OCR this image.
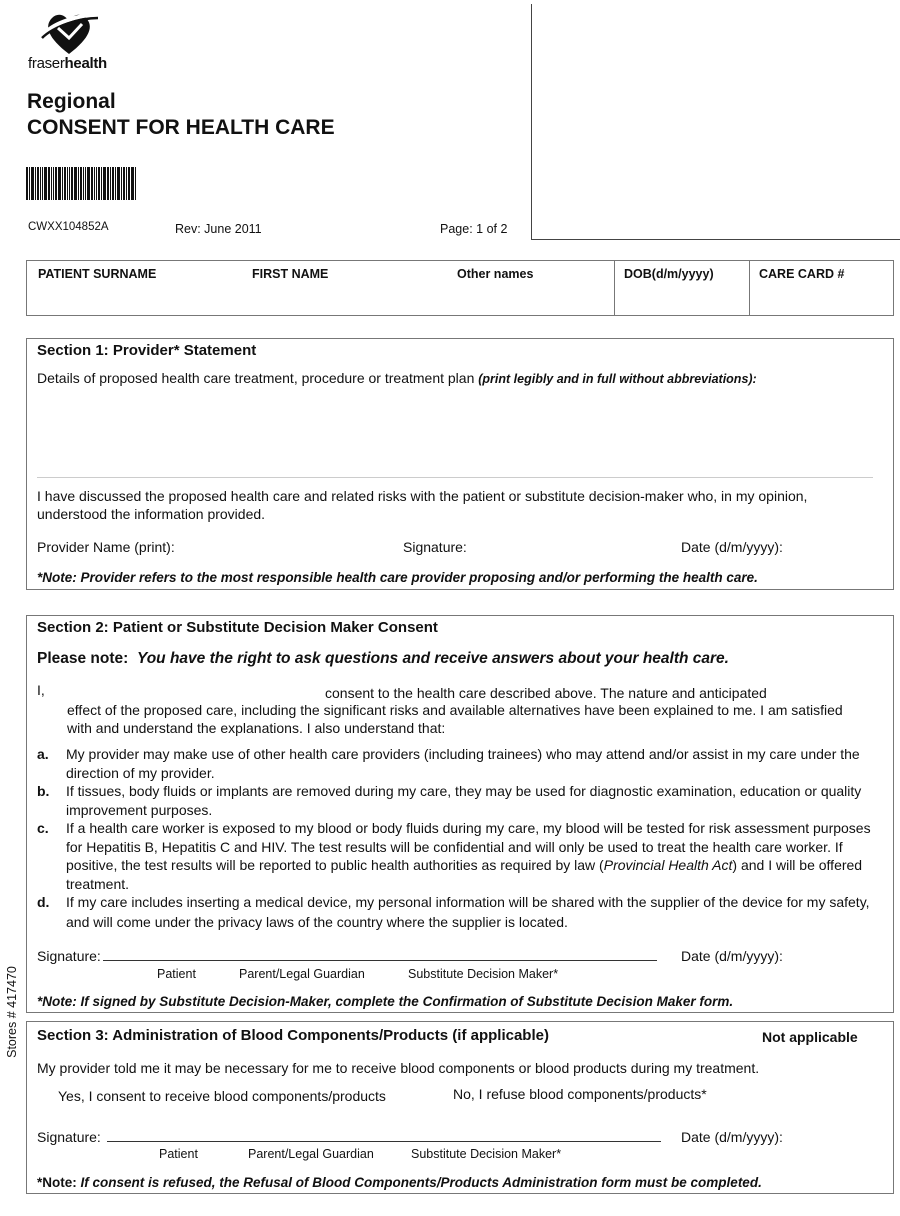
fraserhealth
Regional
CONSENT FOR HEALTH CARE
CWXX104852A	Rev: June 2011	Page: 1 of 2
PATIENT SURNAME	FIRST NAME	Other names	DOB(d/m/yyyy)	CARE CARD #
Section 1: Provider* Statement
Details of proposed health care treatment, procedure or treatment plan (print legibly and in full without abbreviations):
I have discussed the proposed health care and related risks with the patient or substitute decision-maker who, in my opinion, understood the information provided.
Provider Name (print):	Signature:	Date (d/m/yyyy):
*Note: Provider refers to the most responsible health care provider proposing and/or performing the health care.
Section 2: Patient or Substitute Decision Maker Consent
Please note: You have the right to ask questions and receive answers about your health care.
I,	consent to the health care described above. The nature and anticipated
effect of the proposed care, including the significant risks and available alternatives have been explained to me. I am satisfied with and understand the explanations. I also understand that:
a. My provider may make use of other health care providers (including trainees) who may attend and/or assist in my care under the direction of my provider.
b. If tissues, body fluids or implants are removed during my care, they may be used for diagnostic examination, education or quality improvement purposes.
c. If a health care worker is exposed to my blood or body fluids during my care, my blood will be tested for risk assessment purposes for Hepatitis B, Hepatitis C and HIV. The test results will be confidential and will only be used to treat the health care worker. If positive, the test results will be reported to public health authorities as required by law (Provincial Health Act) and I will be offered treatment.
d. If my care includes inserting a medical device, my personal information will be shared with the supplier of the device for my safety, and will come under the privacy laws of the country where the supplier is located.
Signature:	Date (d/m/yyyy):
Patient	Parent/Legal Guardian	Substitute Decision Maker*
*Note: If signed by Substitute Decision-Maker, complete the Confirmation of Substitute Decision Maker form.
Section 3: Administration of Blood Components/Products (if applicable)	Not applicable
My provider told me it may be necessary for me to receive blood components or blood products during my treatment.
Yes, I consent to receive blood components/products	No, I refuse blood components/products*
Signature:	Date (d/m/yyyy):
Patient	Parent/Legal Guardian	Substitute Decision Maker*
*Note: If consent is refused, the Refusal of Blood Components/Products Administration form must be completed.
Stores # 417470
